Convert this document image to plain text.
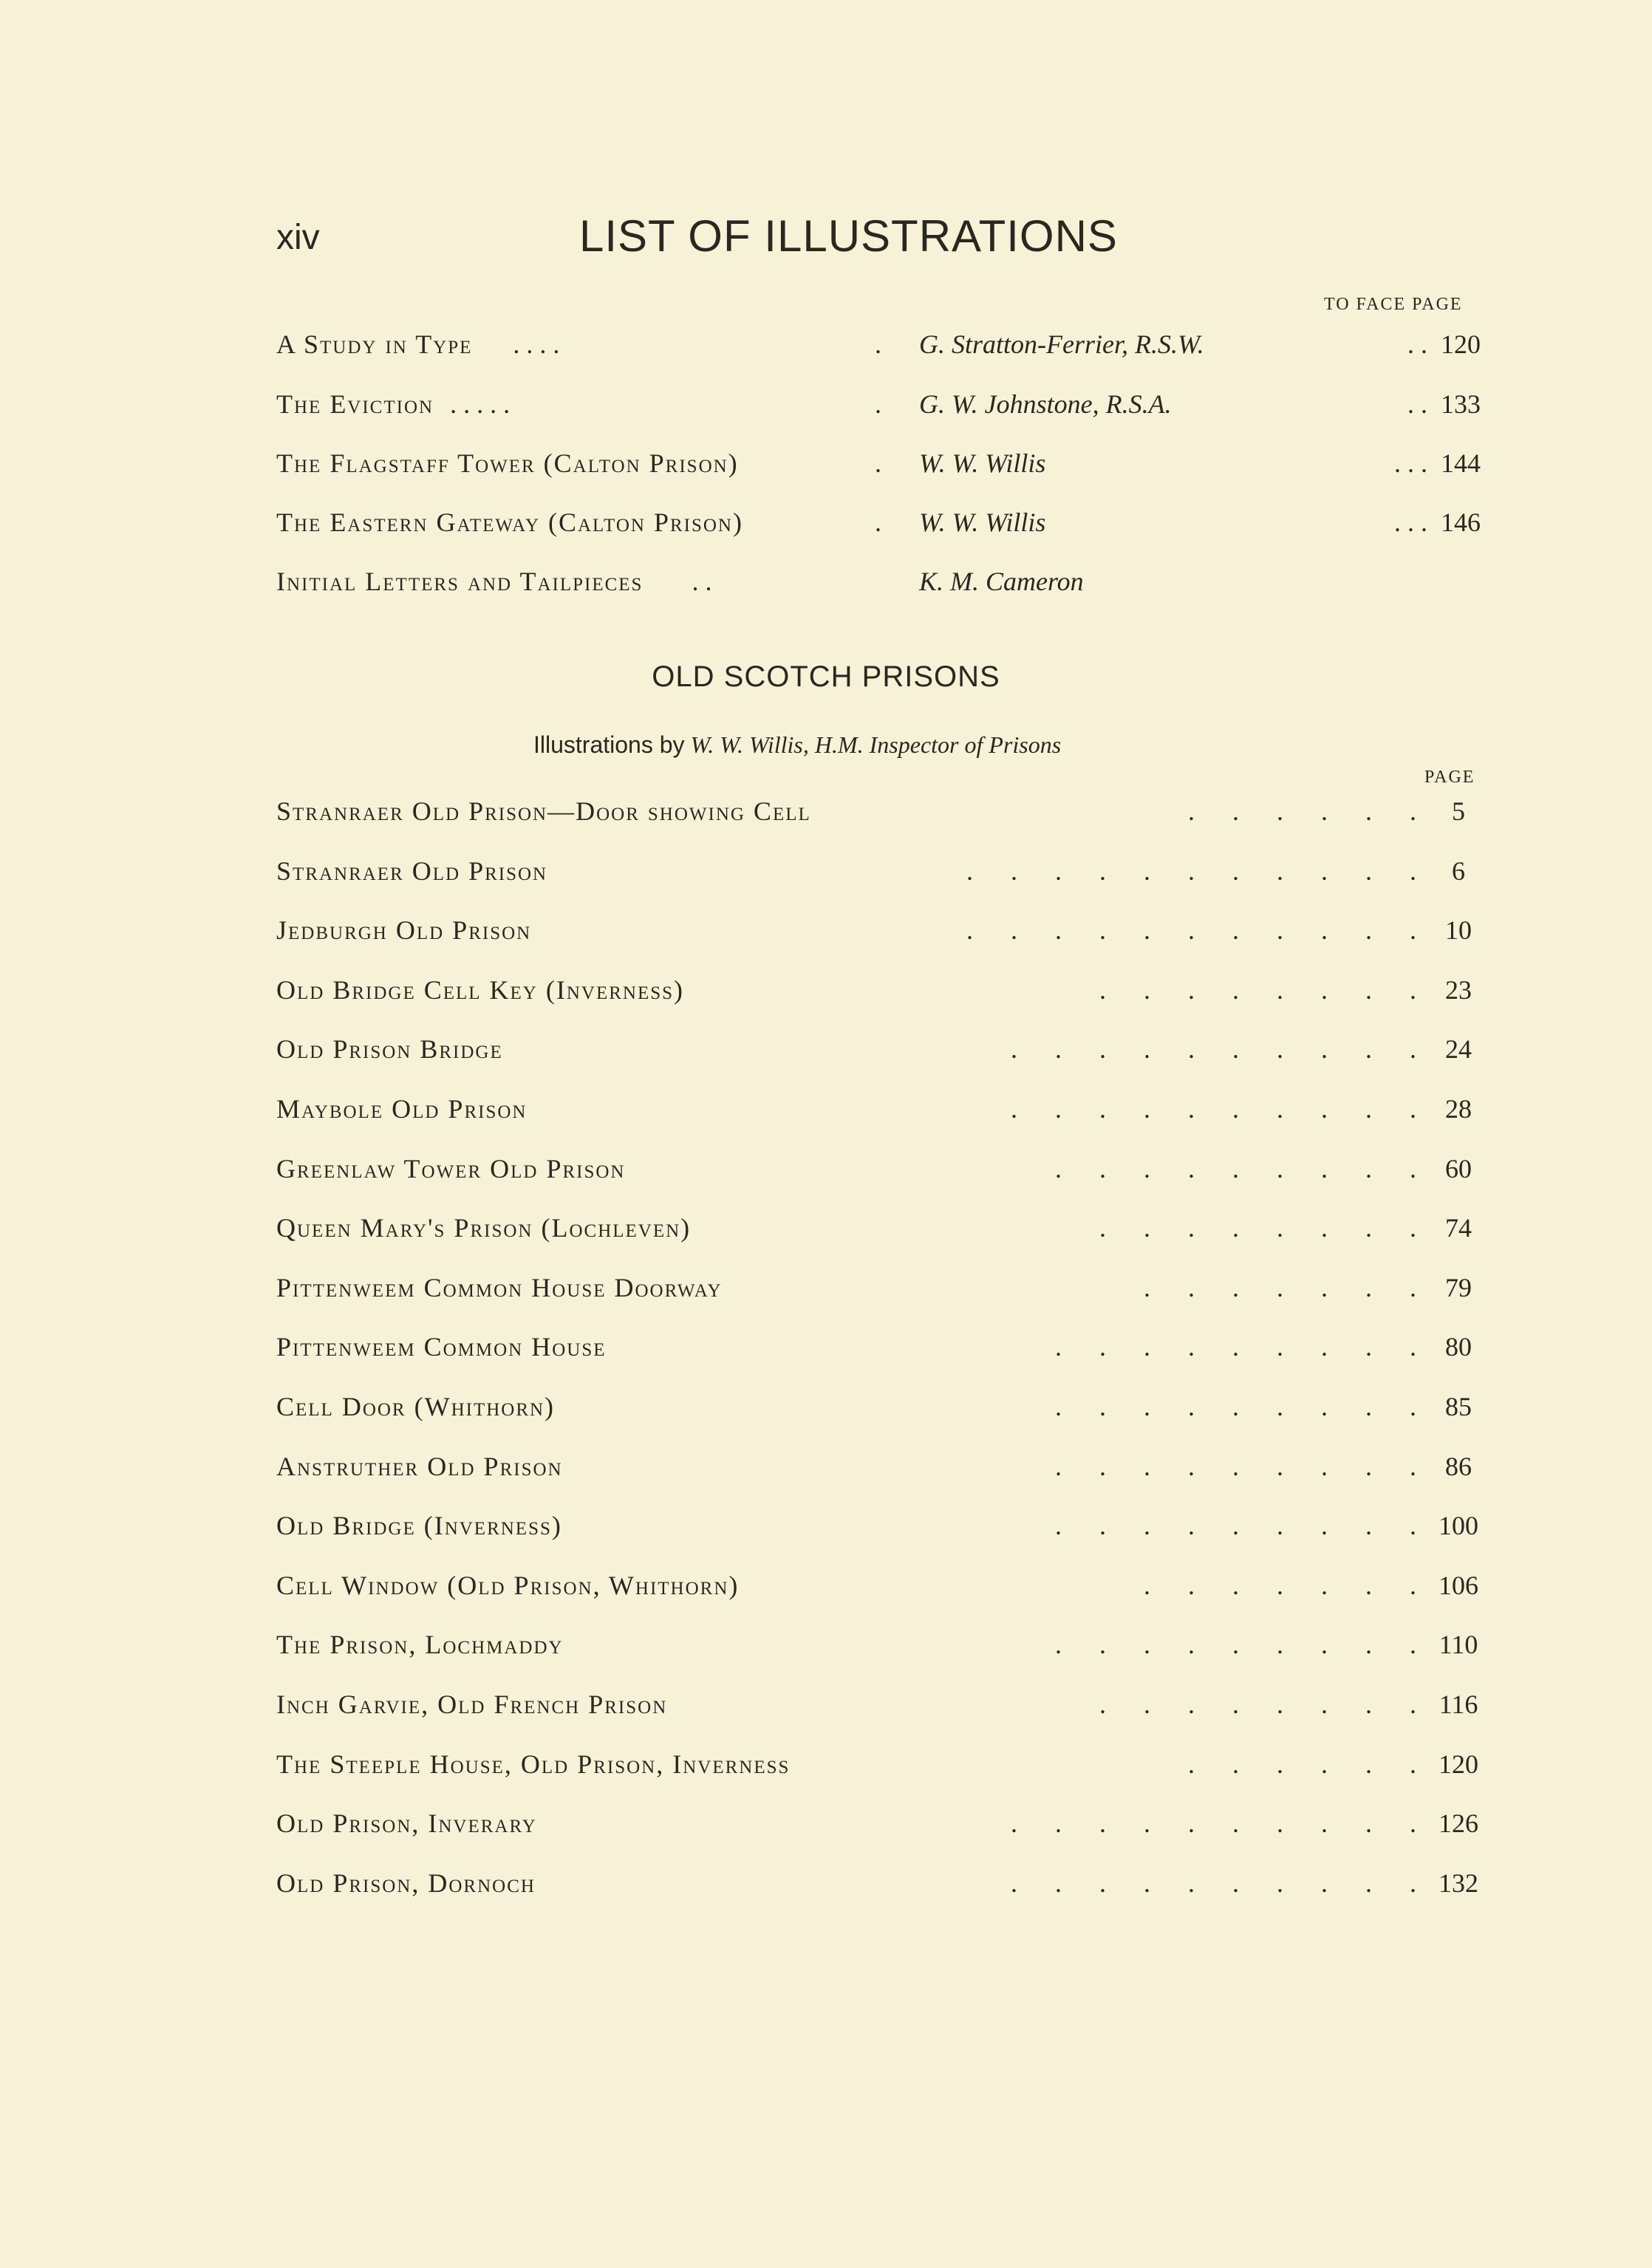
xiv	LIST OF ILLUSTRATIONS
TO FACE PAGE
A Study in Type . . . .	. G. Stratton-Ferrier, R.S.W.	. . 120
The Eviction . . . . .	. G. W. Johnstone, R.S.A.	. . 133
The Flagstaff Tower (Calton Prison)	. W. W. Willis	. . . 144
The Eastern Gateway (Calton Prison)	. W. W. Willis	. . . 146
Initial Letters and Tailpieces . .	K. M. Cameron
OLD SCOTCH PRISONS
Illustrations by W. W. Willis, H.M. Inspector of Prisons
PAGE
Stranraer Old Prison—Door showing Cell	. . . . . . 5
Stranraer Old Prison	. . . . . . . . . . . 6
Jedburgh Old Prison	. . . . . . . . . . . 10
Old Bridge Cell Key (Inverness)	. . . . . . . . 23
Old Prison Bridge	. . . . . . . . . . 24
Maybole Old Prison	. . . . . . . . . . 28
Greenlaw Tower Old Prison	. . . . . . . . . 60
Queen Mary's Prison (Lochleven)	. . . . . . . . 74
Pittenweem Common House Doorway	. . . . . . . 79
Pittenweem Common House	. . . . . . . . . 80
Cell Door (Whithorn)	. . . . . . . . . 85
Anstruther Old Prison	. . . . . . . . . 86
Old Bridge (Inverness)	. . . . . . . . . 100
Cell Window (Old Prison, Whithorn)	. . . . . . . 106
The Prison, Lochmaddy	. . . . . . . . . 110
Inch Garvie, Old French Prison	. . . . . . . . 116
The Steeple House, Old Prison, Inverness	. . . . . . 120
Old Prison, Inverary	. . . . . . . . . . 126
Old Prison, Dornoch	. . . . . . . . . . 132
